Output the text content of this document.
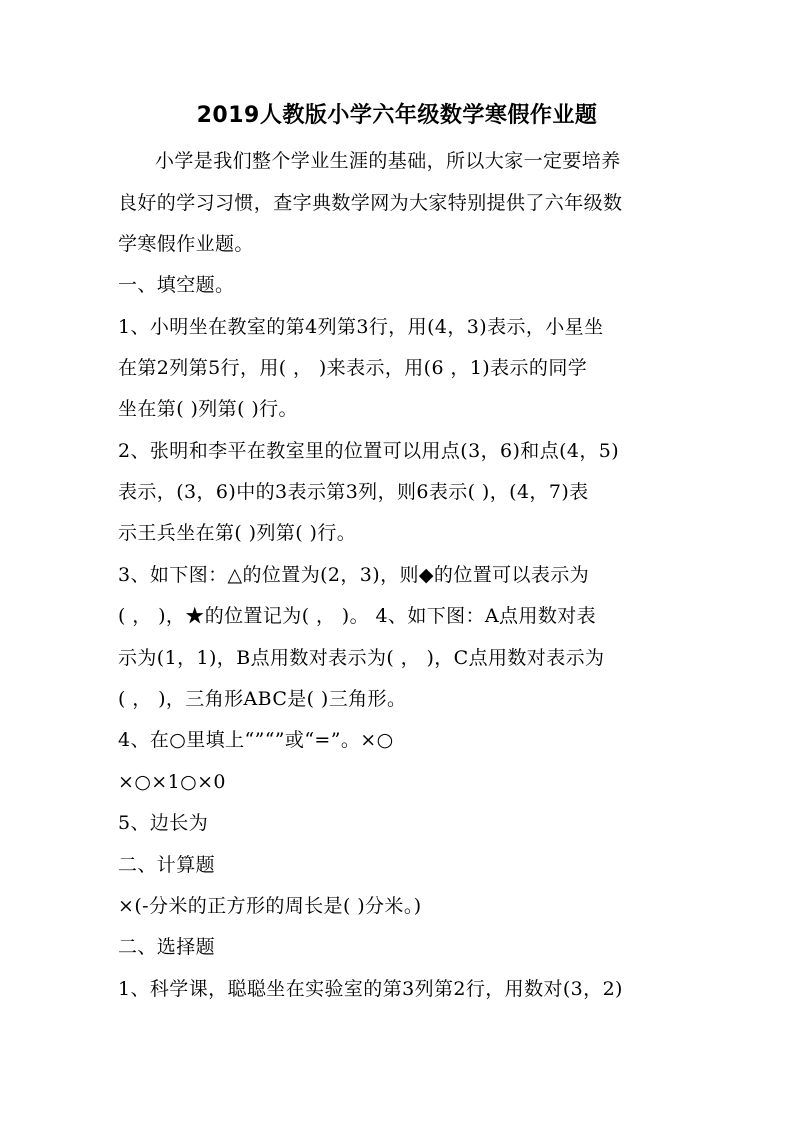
2019人教版小学六年级数学寒假作业题
小学是我们整个学业生涯的基础，所以大家一定要培养
良好的学习习惯，查字典数学网为大家特别提供了六年级数
学寒假作业题。
一、填空题。
1、小明坐在教室的第4列第3行，用(4，3)表示，小星坐
在第2列第5行，用( ， )来表示，用(6 ，1)表示的同学
坐在第( )列第( )行。
2、张明和李平在教室里的位置可以用点(3，6)和点(4，5)
表示，(3，6)中的3表示第3列，则6表示( )，(4，7)表
示王兵坐在第( )列第( )行。
3、如下图：△的位置为(2，3)，则◆的位置可以表示为
( ， )，★的位置记为( ， )。 4、如下图：A点用数对表
示为(1，1)，B点用数对表示为( ， )，C点用数对表示为
( ， )，三角形ABC是( )三角形。
4、在○里填上“”“”或“=”。×○
×○×1○×0
5、边长为
二、计算题
×(-分米的正方形的周长是( )分米。)
二、选择题
1、科学课，聪聪坐在实验室的第3列第2行，用数对(3，2)
